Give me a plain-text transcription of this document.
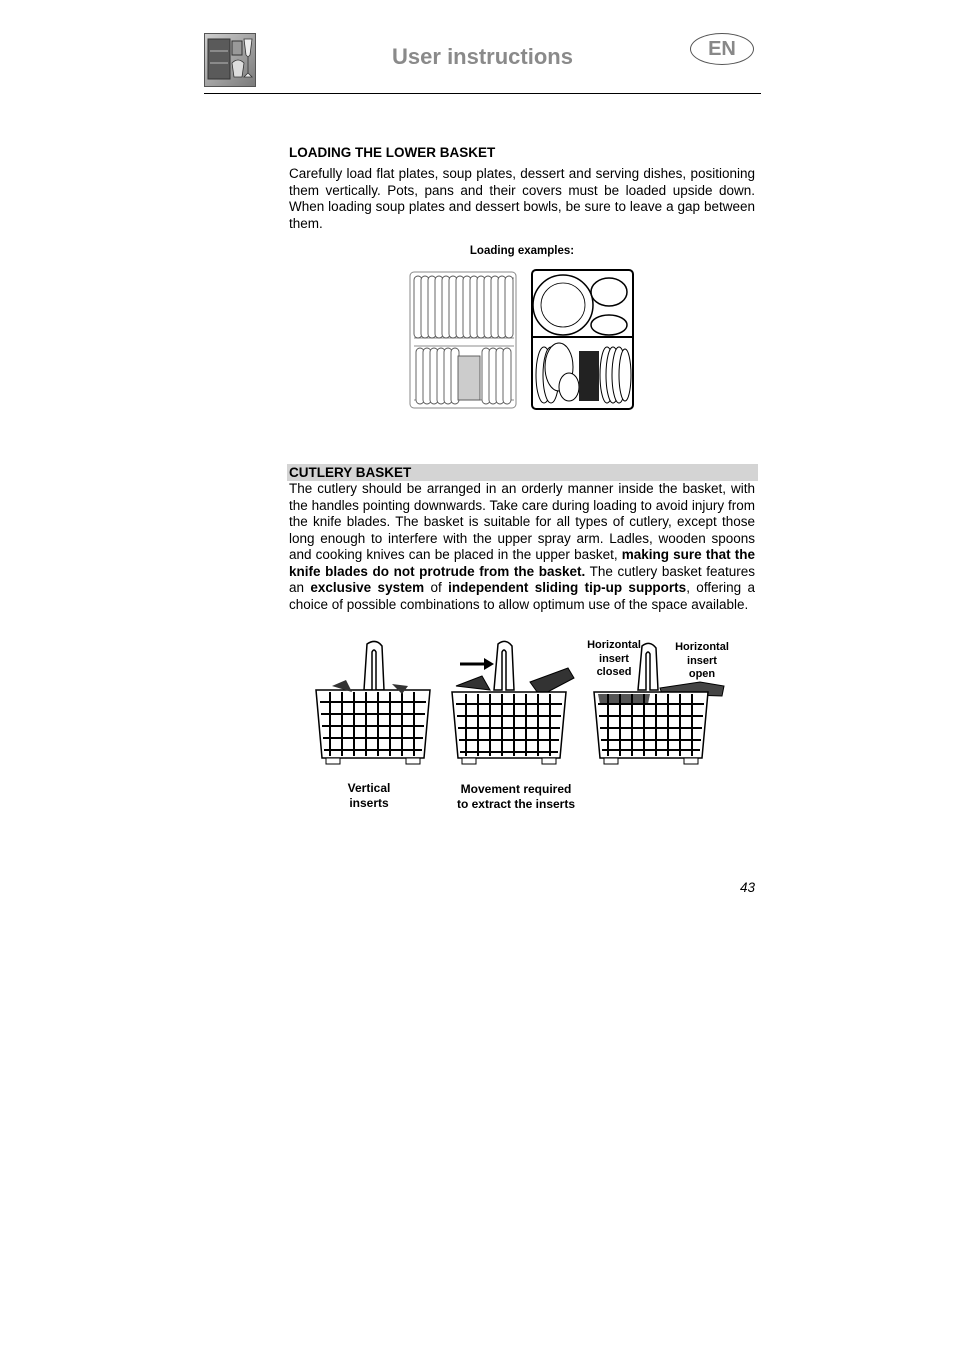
User instructions	EN
LOADING THE LOWER BASKET
Carefully load flat plates, soup plates, dessert and serving dishes, positioning them vertically. Pots, pans and their covers must be loaded upside down. When loading soup plates and dessert bowls, be sure to leave a gap between them.
Loading examples:
CUTLERY BASKET
The cutlery should be arranged in an orderly manner inside the basket, with the handles pointing downwards. Take care during loading to avoid injury from the knife blades. The basket is suitable for all types of cutlery, except those long enough to interfere with the upper spray arm. Ladles, wooden spoons and cooking knives can be placed in the upper basket, making sure that the knife blades do not protrude from the basket. The cutlery basket features an exclusive system of independent sliding tip-up supports, offering a choice of possible combinations to allow optimum use of the space available.
Horizontal
insert
closed
Horizontal
insert
open
Vertical
inserts
Movement required
to extract the inserts
43
